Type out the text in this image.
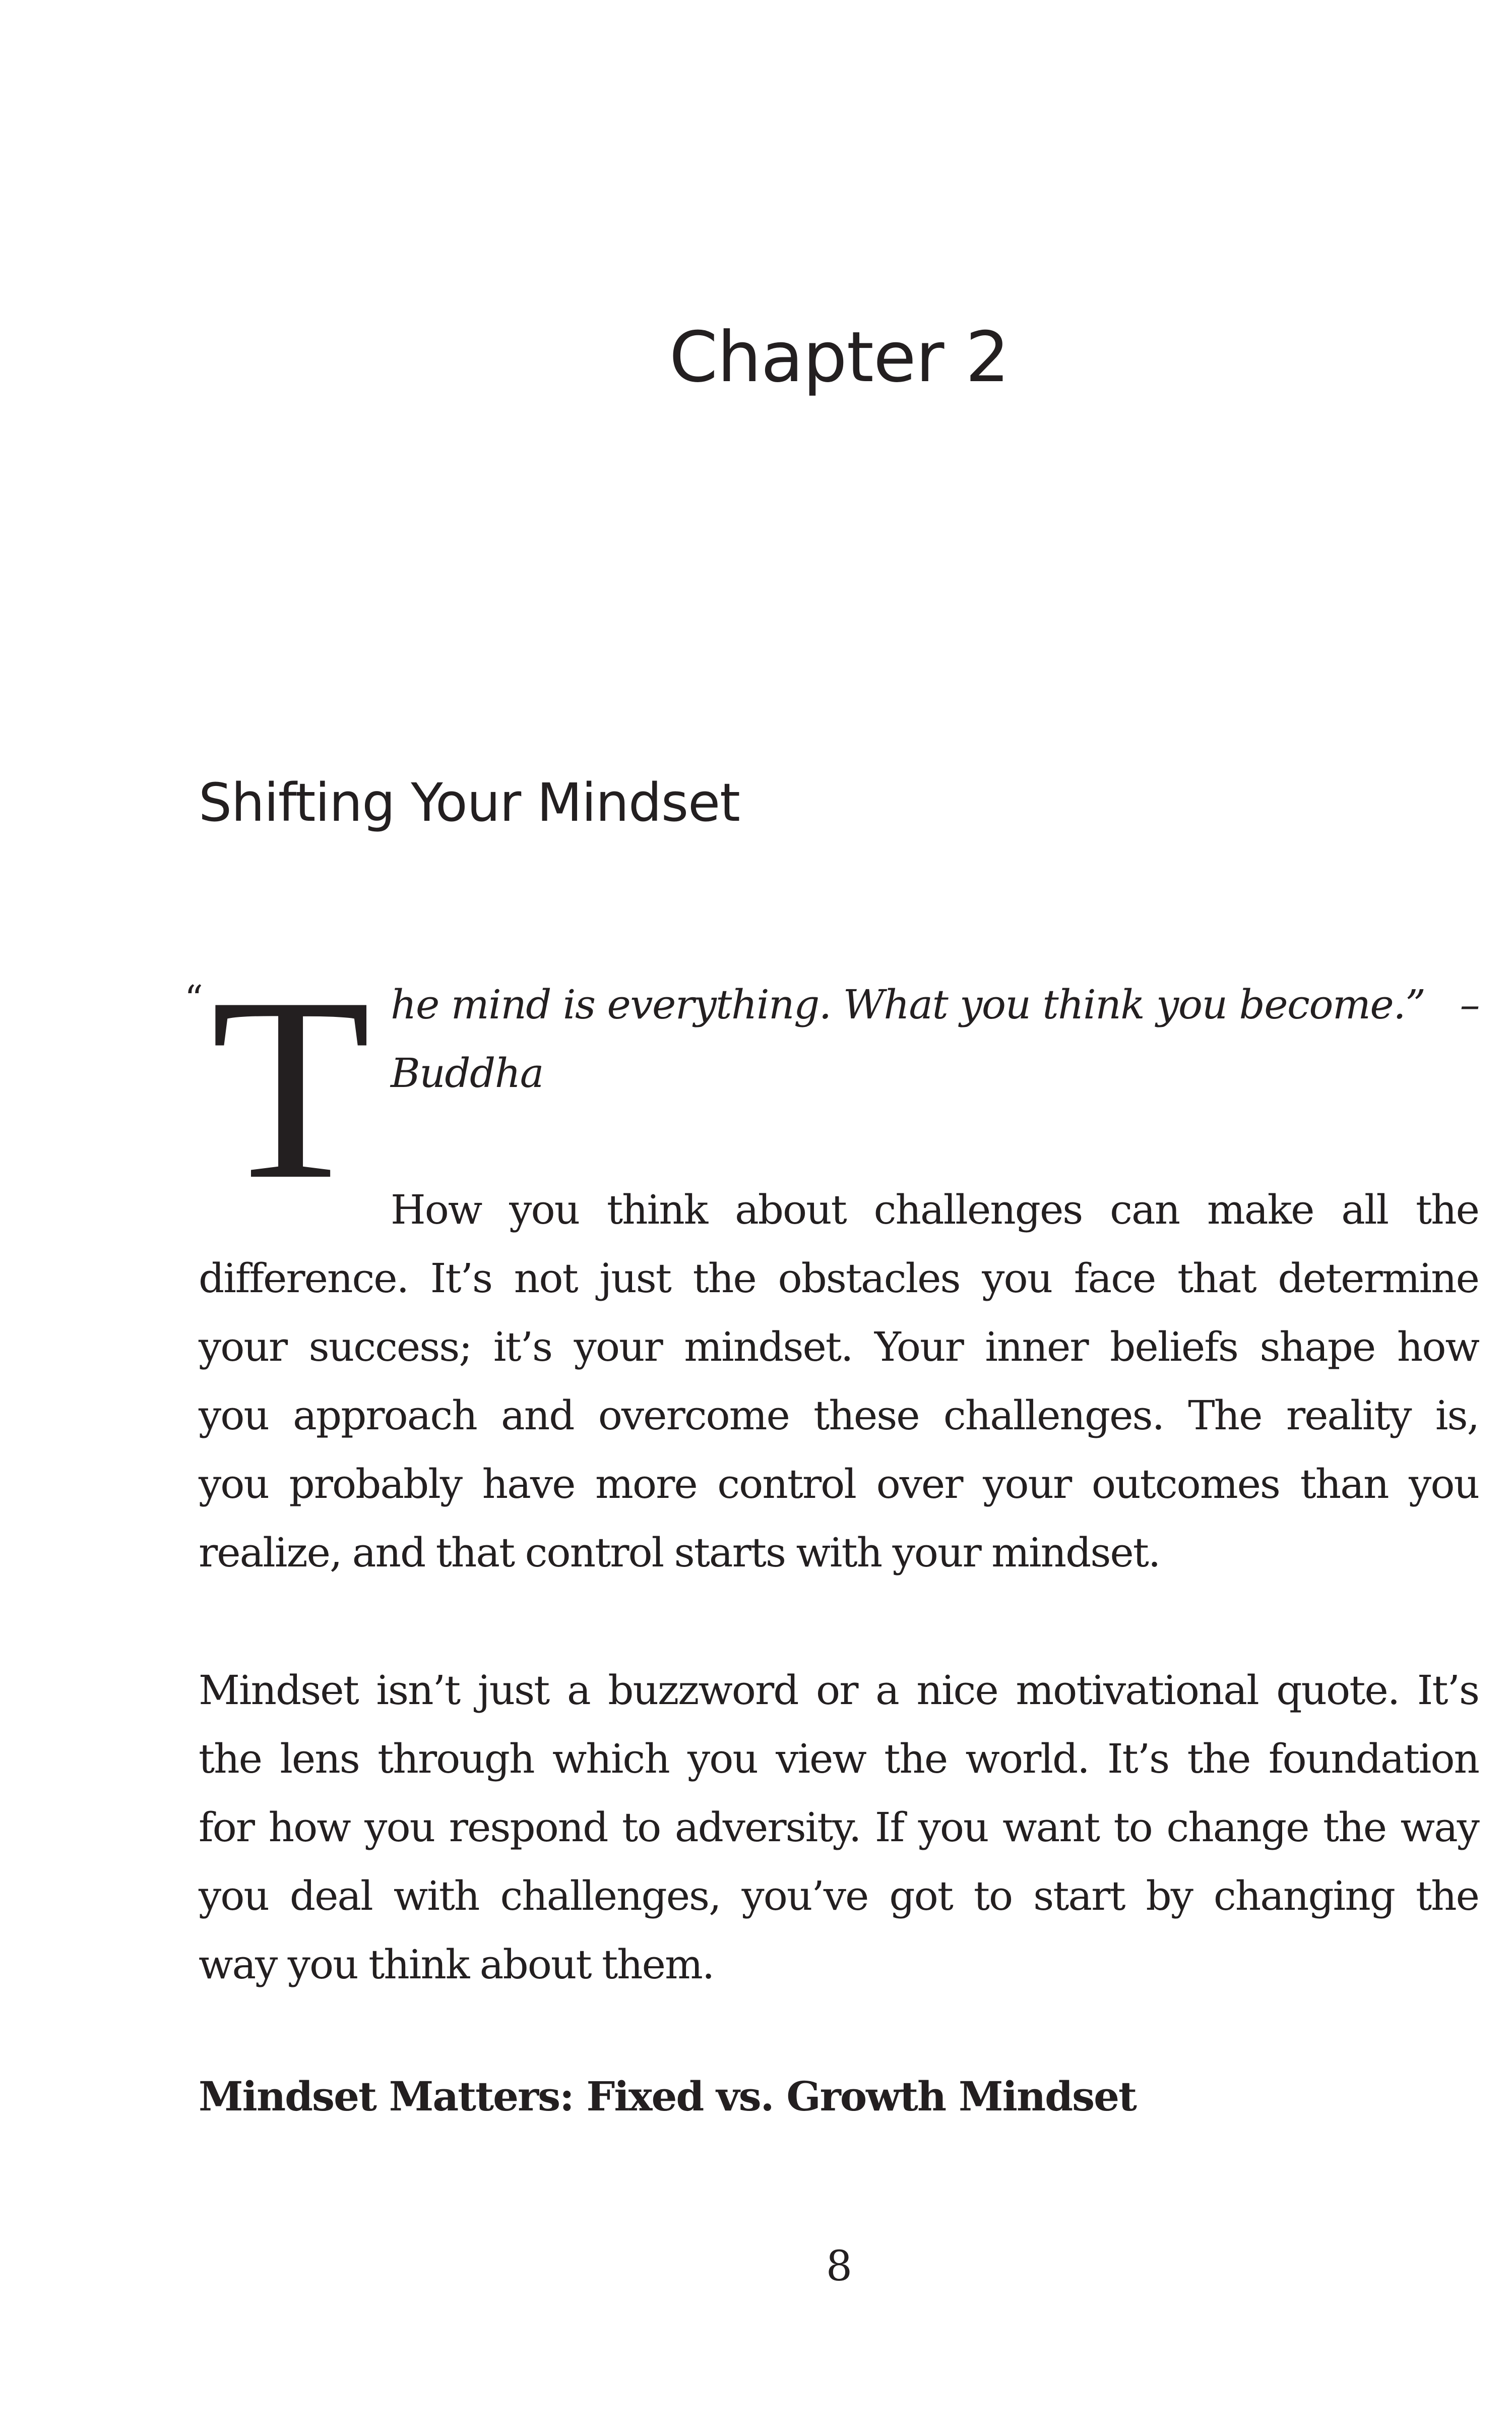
Chapter 2
Shifting Your Mindset
“ T he mind is everything. What you think you become.” –
Buddha
How you think about challenges can make all the
difference. It’s not just the obstacles you face that determine
your success; it’s your mindset. Your inner beliefs shape how
you approach and overcome these challenges. The reality is,
you probably have more control over your outcomes than you
realize, and that control starts with your mindset.
Mindset isn’t just a buzzword or a nice motivational quote. It’s
the lens through which you view the world. It’s the foundation
for how you respond to adversity. If you want to change the way
you deal with challenges, you’ve got to start by changing the
way you think about them.
Mindset Matters: Fixed vs. Growth Mindset
8
